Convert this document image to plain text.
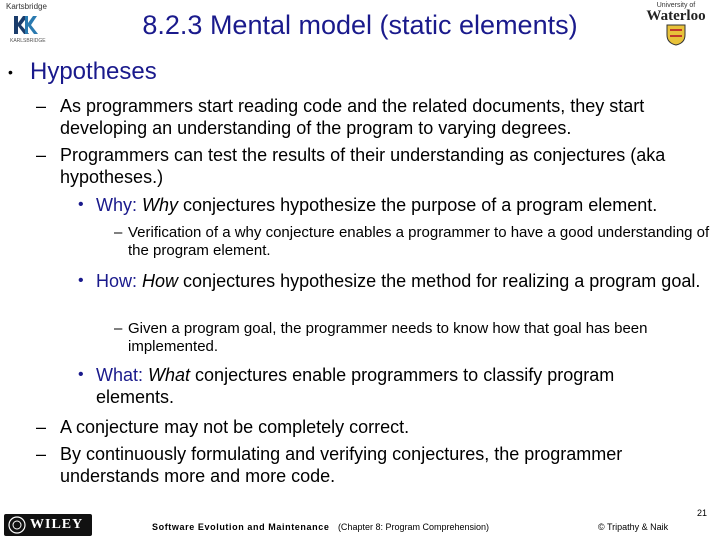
Kartsbridge
KARLSBRIDGE
University of
Waterloo
8.2.3 Mental model (static elements)
• Hypotheses
– As programmers start reading code and the related documents, they start developing an understanding of the program to varying degrees.
– Programmers can test the results of their understanding as conjectures (aka hypotheses.)
• Why: Why conjectures hypothesize the purpose of a program element.
– Verification of a why conjecture enables a programmer to have a good understanding of the program element.
• How: How conjectures hypothesize the method for realizing a program goal.
– Given a program goal, the programmer needs to know how that goal has been implemented.
• What: What conjectures enable programmers to classify program elements.
– A conjecture may not be completely correct.
– By continuously formulating and verifying conjectures, the programmer understands more and more code.
21
WILEY	Software Evolution and Maintenance (Chapter 8: Program Comprehension)	© Tripathy & Naik
